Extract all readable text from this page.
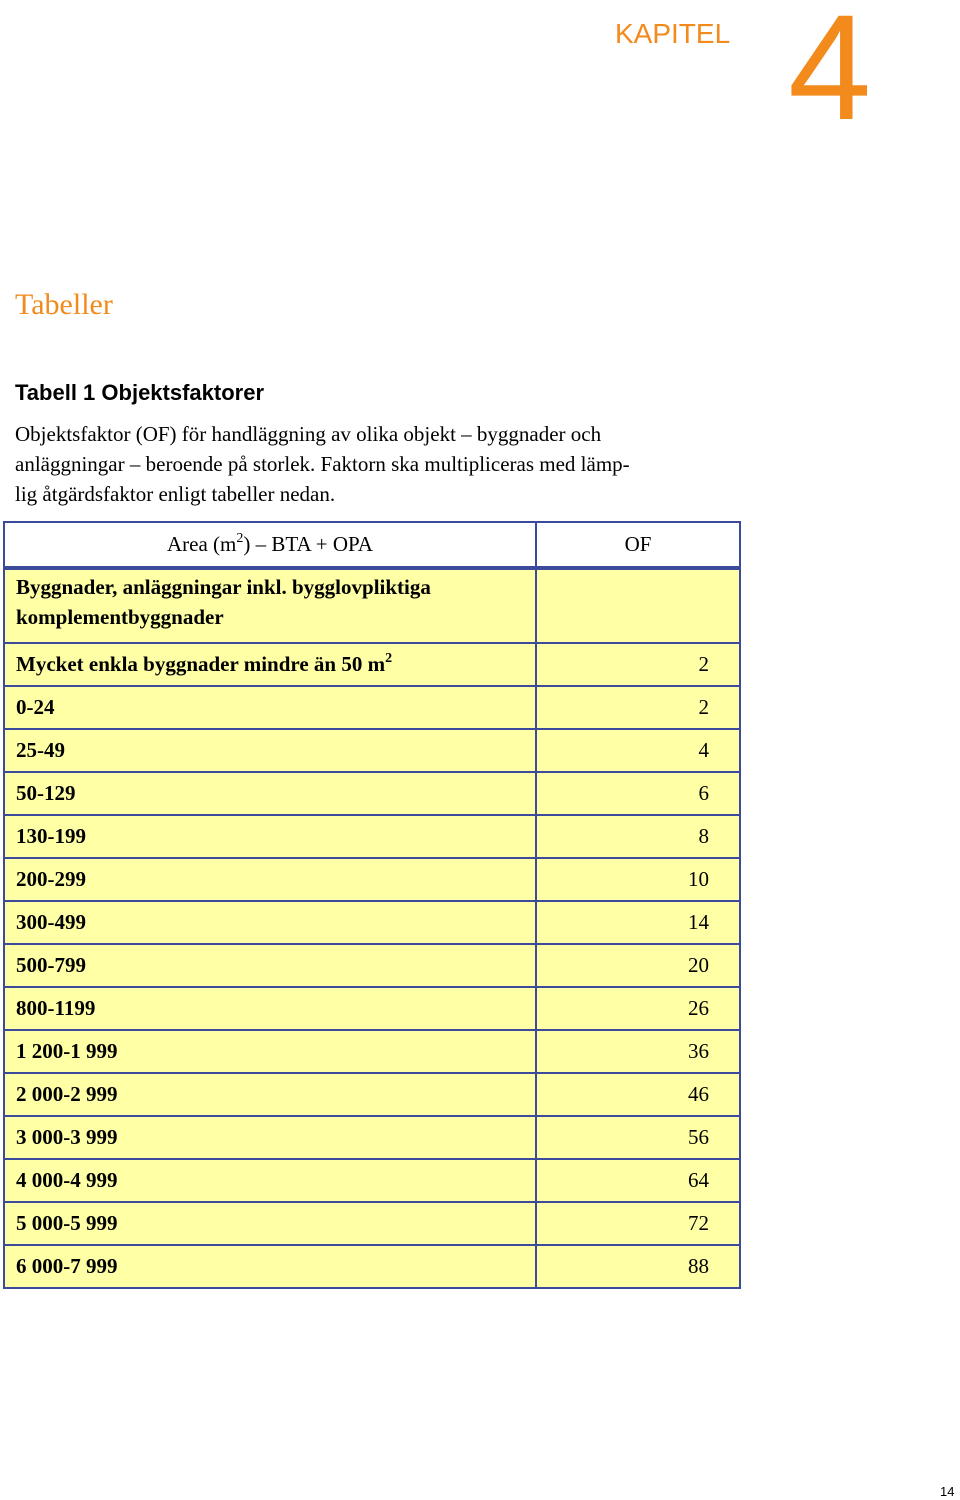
KAPITEL 4
Tabeller
Tabell 1 Objektsfaktorer
Objektsfaktor (OF) för handläggning av olika objekt – byggnader och
anläggningar – beroende på storlek. Faktorn ska multipliceras med lämp-
lig åtgärdsfaktor enligt tabeller nedan.
Area $(m^2)$ – BTA + OPA	OF
Byggnader, anläggningar inkl. bygglovpliktiga komplementbyggnader	
Mycket enkla byggnader mindre än 50 $m^2$	2
0-24	2
25-49	4
50-129	6
130-199	8
200-299	10
300-499	14
500-799	20
800-1199	26
1 200-1 999	36
2 000-2 999	46
3 000-3 999	56
4 000-4 999	64
5 000-5 999	72
6 000-7 999	88
14
